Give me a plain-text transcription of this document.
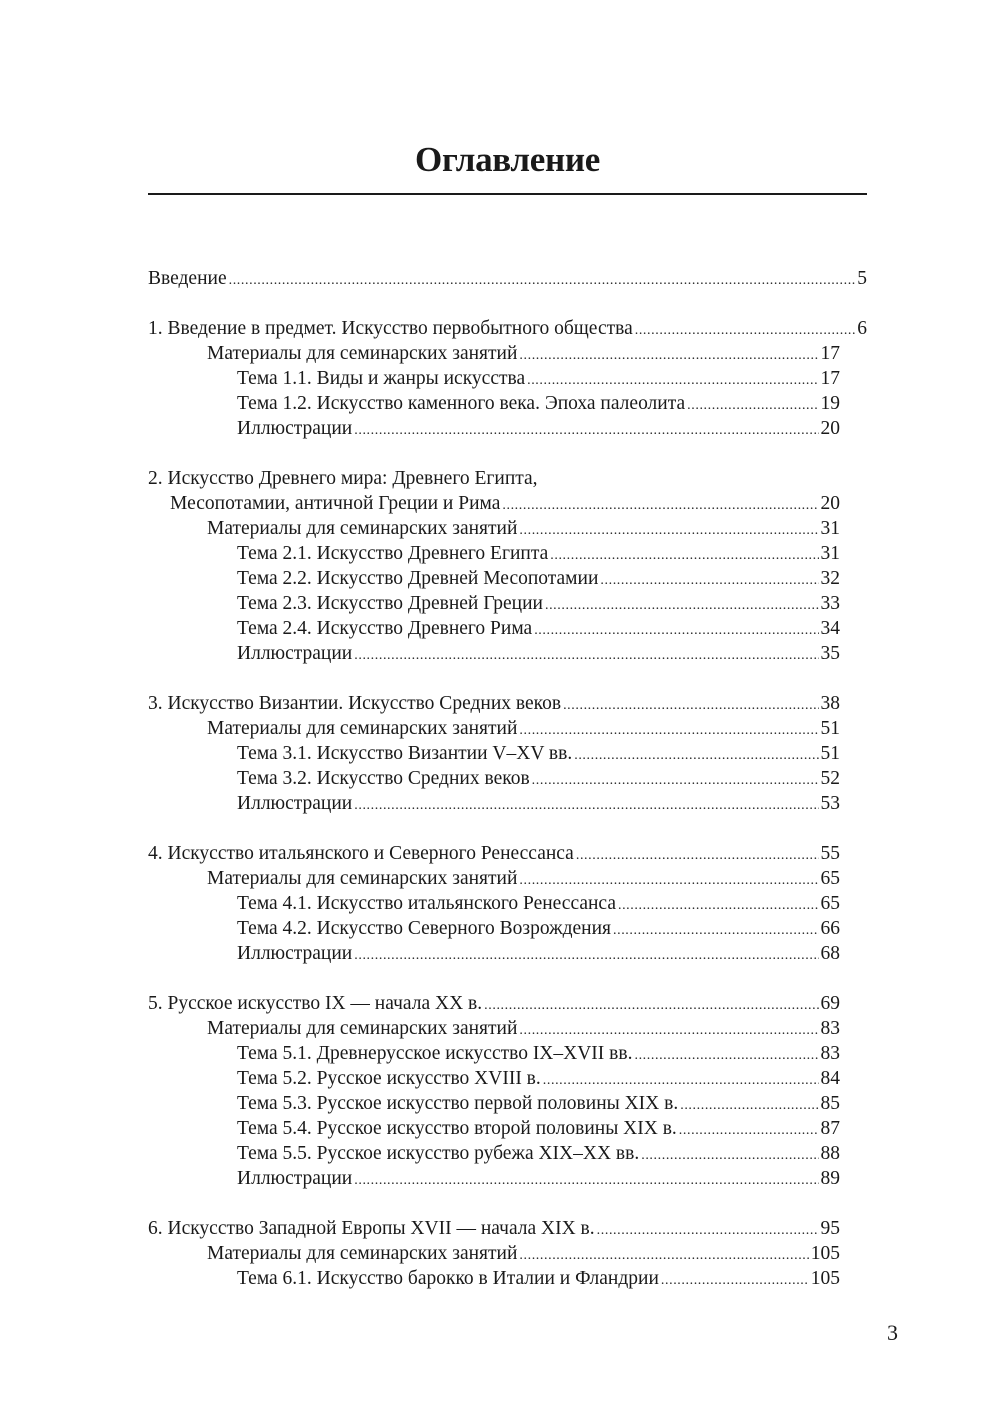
Оглавление
Введение .....	5
1. Введение в предмет. Искусство первобытного общества .....	6
Материалы для семинарских занятий .....	17
Тема 1.1. Виды и жанры искусства .....	17
Тема 1.2. Искусство каменного века. Эпоха палеолита .....	19
Иллюстрации .....	20
2. Искусство Древнего мира: Древнего Египта,
Месопотамии, античной Греции и Рима .....	20
Материалы для семинарских занятий .....	31
Тема 2.1. Искусство Древнего Египта .....	31
Тема 2.2. Искусство Древней Месопотамии .....	32
Тема 2.3. Искусство Древней Греции .....	33
Тема 2.4. Искусство Древнего Рима .....	34
Иллюстрации .....	35
3. Искусство Византии. Искусство Средних веков .....	38
Материалы для семинарских занятий .....	51
Тема 3.1. Искусство Византии V–XV вв. .....	51
Тема 3.2. Искусство Средних веков .....	52
Иллюстрации .....	53
4. Искусство итальянского и Северного Ренессанса .....	55
Материалы для семинарских занятий .....	65
Тема 4.1. Искусство итальянского Ренессанса .....	65
Тема 4.2. Искусство Северного Возрождения .....	66
Иллюстрации .....	68
5. Русское искусство IX — начала XX в. .....	69
Материалы для семинарских занятий .....	83
Тема 5.1. Древнерусское искусство IX–XVII вв. .....	83
Тема 5.2. Русское искусство XVIII в. .....	84
Тема 5.3. Русское искусство первой половины XIX в. .....	85
Тема 5.4. Русское искусство второй половины XIX в. .....	87
Тема 5.5. Русское искусство рубежа XIX–XX вв. .....	88
Иллюстрации .....	89
6. Искусство Западной Европы XVII — начала XIX в. .....	95
Материалы для семинарских занятий .....	105
Тема 6.1. Искусство барокко в Италии и Фландрии .....	105
3
